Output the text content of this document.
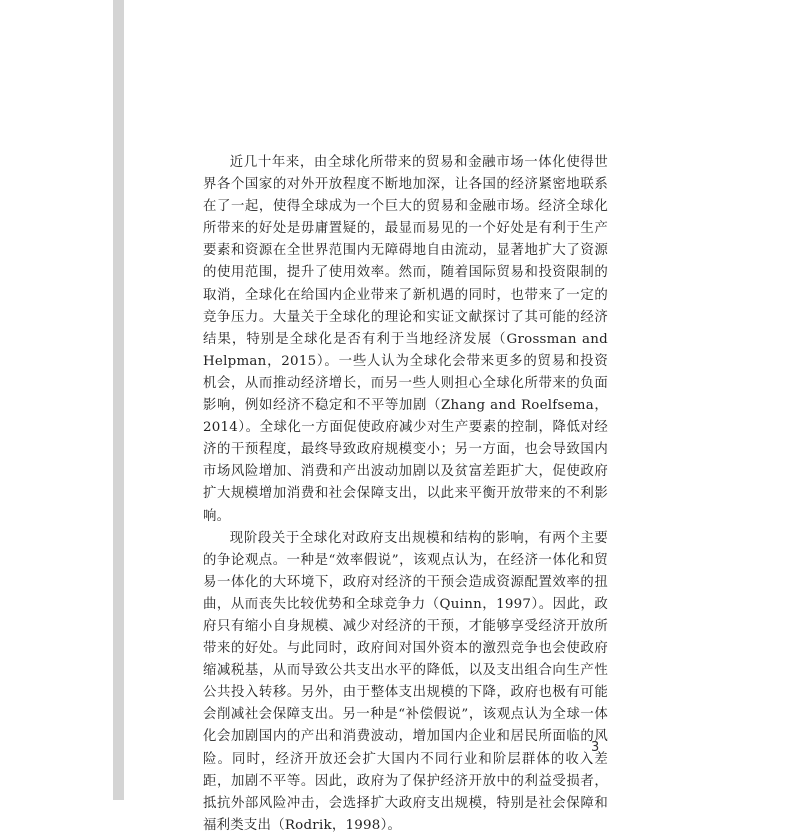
近几十年来，由全球化所带来的贸易和金融市场一体化使得世界各个国家的对外开放程度不断地加深，让各国的经济紧密地联系在了一起，使得全球成为一个巨大的贸易和金融市场。经济全球化所带来的好处是毋庸置疑的，最显而易见的一个好处是有利于生产要素和资源在全世界范围内无障碍地自由流动，显著地扩大了资源的使用范围，提升了使用效率。然而，随着国际贸易和投资限制的取消，全球化在给国内企业带来了新机遇的同时，也带来了一定的竞争压力。大量关于全球化的理论和实证文献探讨了其可能的经济结果，特别是全球化是否有利于当地经济发展（Grossman and Helpman，2015）。一些人认为全球化会带来更多的贸易和投资机会，从而推动经济增长，而另一些人则担心全球化所带来的负面影响，例如经济不稳定和不平等加剧（Zhang and Roelfsema，2014）。全球化一方面促使政府减少对生产要素的控制，降低对经济的干预程度，最终导致政府规模变小；另一方面，也会导致国内市场风险增加、消费和产出波动加剧以及贫富差距扩大，促使政府扩大规模增加消费和社会保障支出，以此来平衡开放带来的不利影响。

现阶段关于全球化对政府支出规模和结构的影响，有两个主要的争论观点。一种是“效率假说”，该观点认为，在经济一体化和贸易一体化的大环境下，政府对经济的干预会造成资源配置效率的扭曲，从而丧失比较优势和全球竞争力（Quinn，1997）。因此，政府只有缩小自身规模、减少对经济的干预，才能够享受经济开放所带来的好处。与此同时，政府间对国外资本的激烈竞争也会使政府缩减税基，从而导致公共支出水平的降低，以及支出组合向生产性公共投入转移。另外，由于整体支出规模的下降，政府也极有可能会削减社会保障支出。另一种是“补偿假说”，该观点认为全球一体化会加剧国内的产出和消费波动，增加国内企业和居民所面临的风险。同时，经济开放还会扩大国内不同行业和阶层群体的收入差距，加剧不平等。因此，政府为了保护经济开放中的利益受损者，抵抗外部风险冲击，会选择扩大政府支出规模，特别是社会保障和福利类支出（Rodrik，1998）。

3
